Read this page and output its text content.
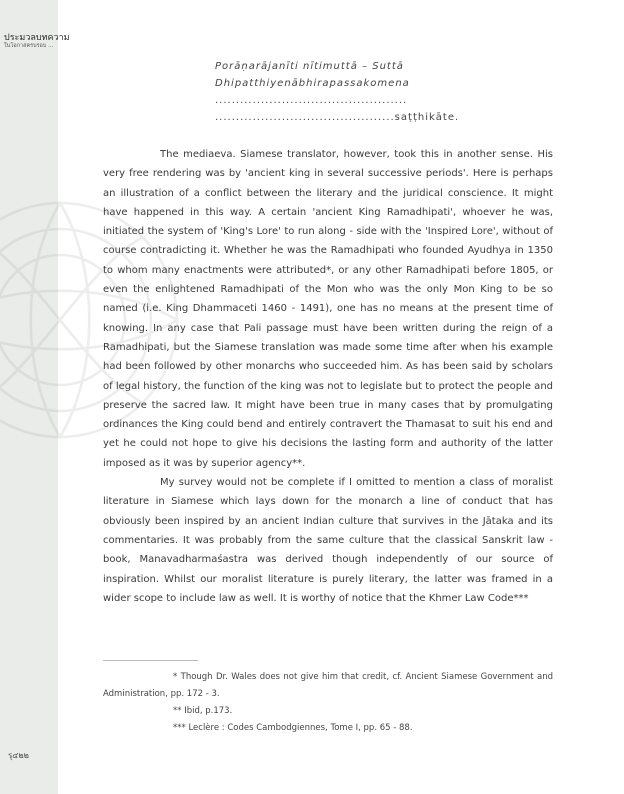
ประมวลบทความ
ในโอกาสครบรอบ ...
Porāṇarājanīti nītimuttā – Suttā
Dhipatthiyenābhirapassakomena
..............................................
...........................................saṭṭhikāte.

The mediaeva. Siamese translator, however, took this in another sense. His very free rendering was by 'ancient king in several successive periods'. Here is perhaps an illustration of a conflict between the literary and the juridical conscience. It might have happened in this way. A certain 'ancient King Ramadhipati', whoever he was, initiated the system of 'King's Lore' to run along - side with the 'Inspired Lore', without of course contradicting it. Whether he was the Ramadhipati who founded Ayudhya in 1350 to whom many enactments were attributed*, or any other Ramadhipati before 1805, or even the enlightened Ramadhipati of the Mon who was the only Mon King to be so named (i.e. King Dhammaceti 1460 - 1491), one has no means at the present time of knowing. In any case that Pali passage must have been written during the reign of a Ramadhipati, but the Siamese translation was made some time after when his example had been followed by other monarchs who succeeded him. As has been said by scholars of legal history, the function of the king was not to legislate but to protect the people and preserve the sacred law. It might have been true in many cases that by promulgating ordinances the King could bend and entirely contravert the Thamasat to suit his end and yet he could not hope to give his decisions the lasting form and authority of the latter imposed as it was by superior agency**.

My survey would not be complete if I omitted to mention a class of moralist literature in Siamese which lays down for the monarch a line of conduct that has obviously been inspired by an ancient Indian culture that survives in the Jātaka and its commentaries. It was probably from the same culture that the classical Sanskrit law - book, Manavadharmaśastra was derived though independently of our source of inspiration. Whilst our moralist literature is purely literary, the latter was framed in a wider scope to include law as well. It is worthy of notice that the Khmer Law Code***

* Though Dr. Wales does not give him that credit, cf. Ancient Siamese Government and Administration, pp. 172 - 3.

** Ibid, p.173.

*** Leclère : Codes Cambodgiennes, Tome I, pp. 65 - 88.

รุ๔๒๒
